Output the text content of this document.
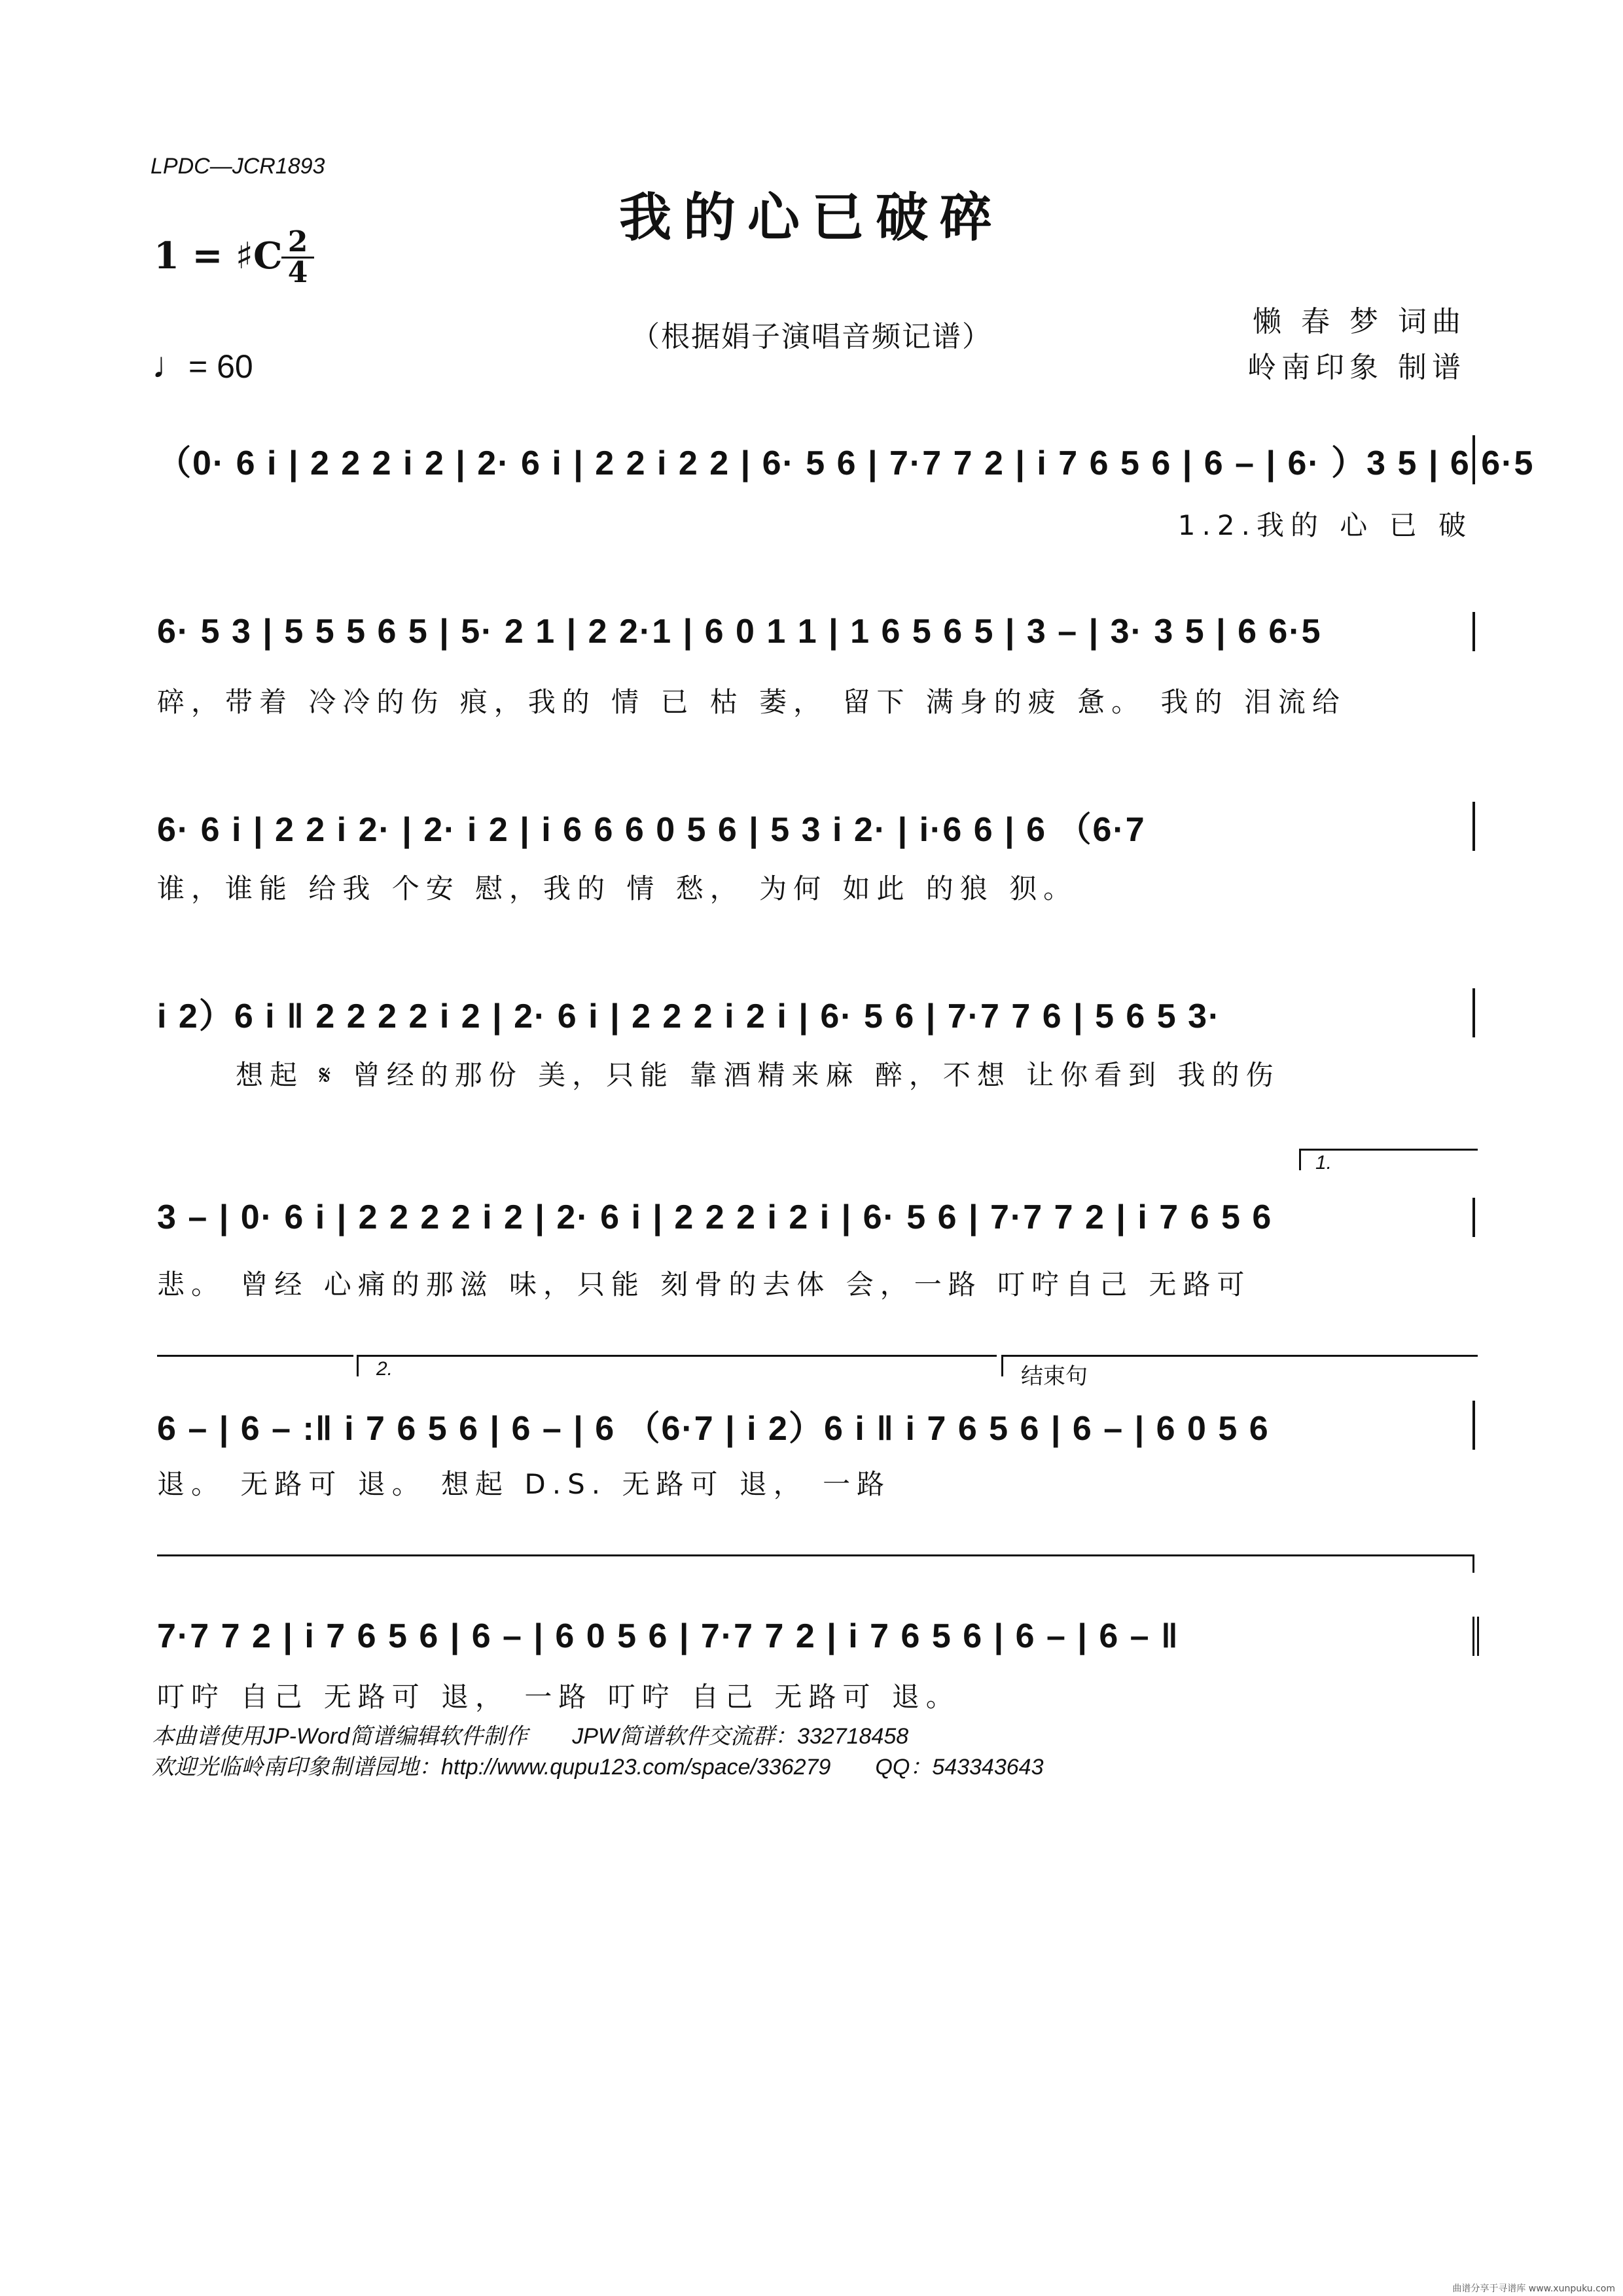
LPDC—JCR1893
我的心已破碎
1 = ♯C 2
4
（根据娟子演唱音频记谱）	懒 春 梦 词曲
岭南印象 制谱
♩= 60
（0· 6 i | 2 2 2 i 2 | 2· 6 i | 2 2 i 2 2 | 6· 5 6 | 7·7 7 2 | i 7 6 5 6 | 6 – | 6· ）3 5 | 6 6·5
1.2.我的 心 已 破
6· 5 3 | 5 5 5 6 5 | 5· 2 1 | 2 2·1 | 6 0 1 1 | 1 6 5 6 5 | 3 – | 3· 3 5 | 6 6·5
碎，带着 冷冷的伤 痕，我的 情 已 枯 萎， 留下 满身的疲 惫。 我的 泪流给
6· 6 i | 2 2 i 2· | 2· i 2 | i 6 6 6 0 5 6 | 5 3 i 2· | i·6 6 | 6 （6·7
谁，谁能 给我 个安 慰，我的 情 愁， 为何 如此 的狼 狈。
i 2）6 i ‖ 2 2 2 2 i 2 | 2· 6 i | 2 2 2 i 2 i | 6· 5 6 | 7·7 7 6 | 5 6 5 3·
想起 𝄋 曾经的那份 美，只能 靠酒精来麻 醉，不想 让你看到 我的伤
1.
3 – | 0· 6 i | 2 2 2 2 i 2 | 2· 6 i | 2 2 2 i 2 i | 6· 5 6 | 7·7 7 2 | i 7 6 5 6
悲。 曾经 心痛的那滋 味，只能 刻骨的去体 会，一路 叮咛自己 无路可
2.	结束句
6 – | 6 – :‖ i 7 6 5 6 | 6 – | 6 （6·7 | i 2）6 i ‖ i 7 6 5 6 | 6 – | 6 0 5 6
退。 无路可 退。 想起 D.S. 无路可 退， 一路
7·7 7 2 | i 7 6 5 6 | 6 – | 6 0 5 6 | 7·7 7 2 | i 7 6 5 6 | 6 – | 6 – ‖
叮咛 自己 无路可 退， 一路 叮咛 自己 无路可 退。
本曲谱使用JP-Word简谱编辑软件制作　　JPW简谱软件交流群：332718458
欢迎光临岭南印象制谱园地：http://www.qupu123.com/space/336279　　QQ：543343643
曲谱分享于寻谱库 www.xunpuku.com
